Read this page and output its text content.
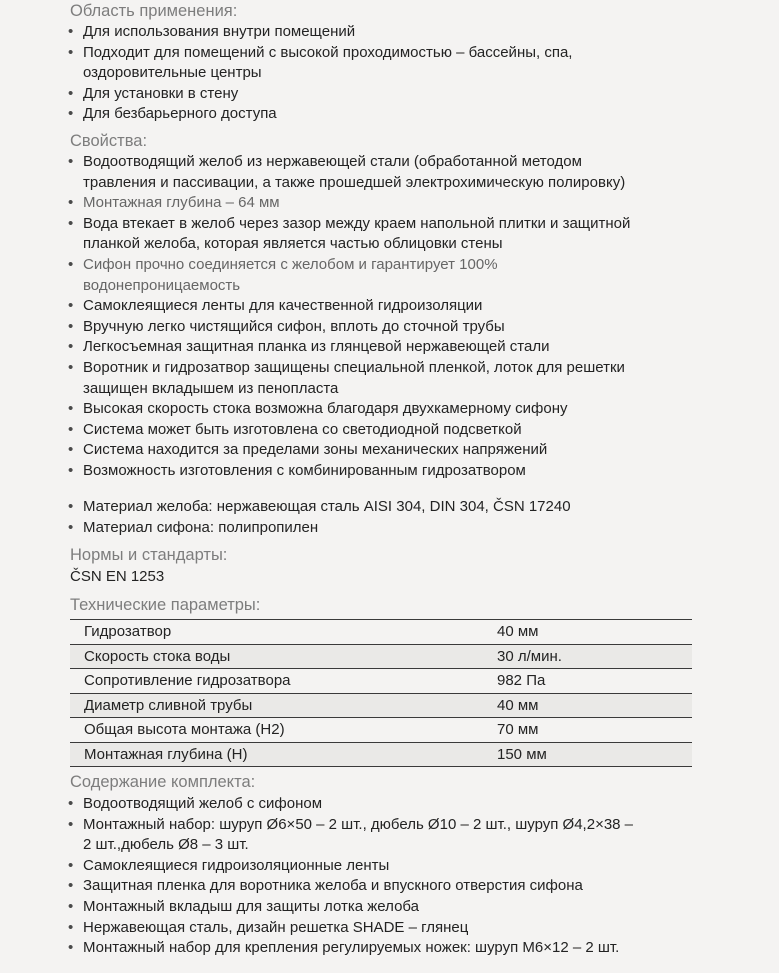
Область применения:
• Для использования внутри помещений
• Подходит для помещений с высокой проходимостью – бассейны, спа,
оздоровительные центры
• Для установки в стену
• Для безбарьерного доступа
Свойства:
• Водоотводящий желоб из нержавеющей стали (обработанной методом
травления и пассивации, а также прошедшей электрохимическую полировку)
• Монтажная глубина – 64 мм
• Вода втекает в желоб через зазор между краем напольной плитки и защитной
планкой желоба, которая является частью облицовки стены
• Сифон прочно соединяется с желобом и гарантирует 100%
водонепроницаемость
• Самоклеящиеся ленты для качественной гидроизоляции
• Вручную легко чистящийся сифон, вплоть до сточной трубы
• Легкосъемная защитная планка из глянцевой нержавеющей стали
• Воротник и гидрозатвор защищены специальной пленкой, лоток для решетки
защищен вкладышем из пенопласта
• Высокая скорость стока возможна благодаря двухкамерному сифону
• Система может быть изготовлена со светодиодной подсветкой
• Система находится за пределами зоны механических напряжений
• Возможность изготовления с комбинированным гидрозатвором
• Материал желоба: нержавеющая сталь AISI 304, DIN 304, ČSN 17240
• Материал сифона: полипропилен
Нормы и стандарты:
ČSN EN 1253
Технические параметры:
Гидрозатвор	40 мм
Скорость стока воды	30 л/мин.
Сопротивление гидрозатвора	982 Па
Диаметр сливной трубы	40 мм
Общая высота монтажа (H2)	70 мм
Монтажная глубина (H)	150 мм
Содержание комплекта:
• Водоотводящий желоб с сифоном
• Монтажный набор: шуруп Ø6×50 – 2 шт., дюбель Ø10 – 2 шт., шуруп Ø4,2×38 –
2 шт.,дюбель Ø8 – 3 шт.
• Самоклеящиеся гидроизоляционные ленты
• Защитная пленка для воротника желоба и впускного отверстия сифона
• Монтажный вкладыш для защиты лотка желоба
• Нержавеющая сталь, дизайн решетка SHADE – глянец
• Монтажный набор для крепления регулируемых ножек: шуруп M6×12 – 2 шт.
